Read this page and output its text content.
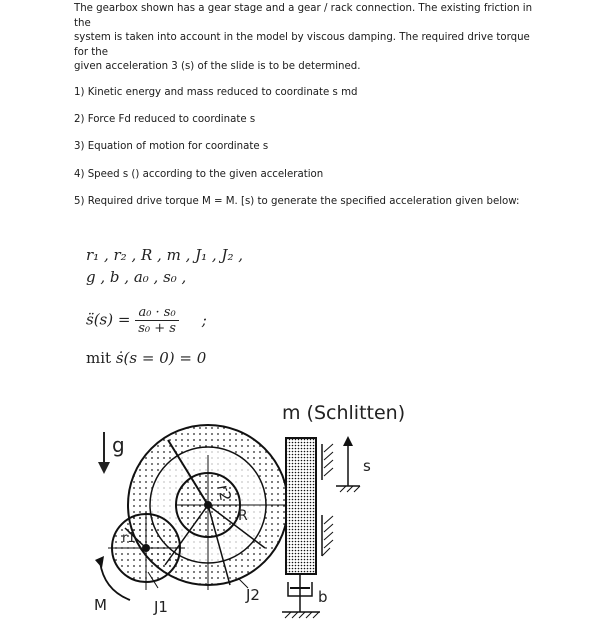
The gearbox shown has a gear stage and a gear / rack connection. The existing friction in the

system is taken into account in the model by viscous damping. The required drive torque for the

given acceleration 3 (s) of the slide is to be determined.

1) Kinetic energy and mass reduced to coordinate s md
2) Force Fd reduced to coordinate s
3) Equation of motion for coordinate s
4) Speed s () according to the given acceleration
5) Required drive torque M = M. [s) to generate the specified acceleration given below:
r₁ , r₂ , R , m , J₁ , J₂ ,
g , b , a₀ , s₀ ,
s̈(s) = $\frac{\text{a₀ · s₀}}{\text{s₀ + s}}$ ;
mit ṡ(s = 0) = 0
m (Schlitten)
g
r2
R
r1
M	J1
J2
s
b
